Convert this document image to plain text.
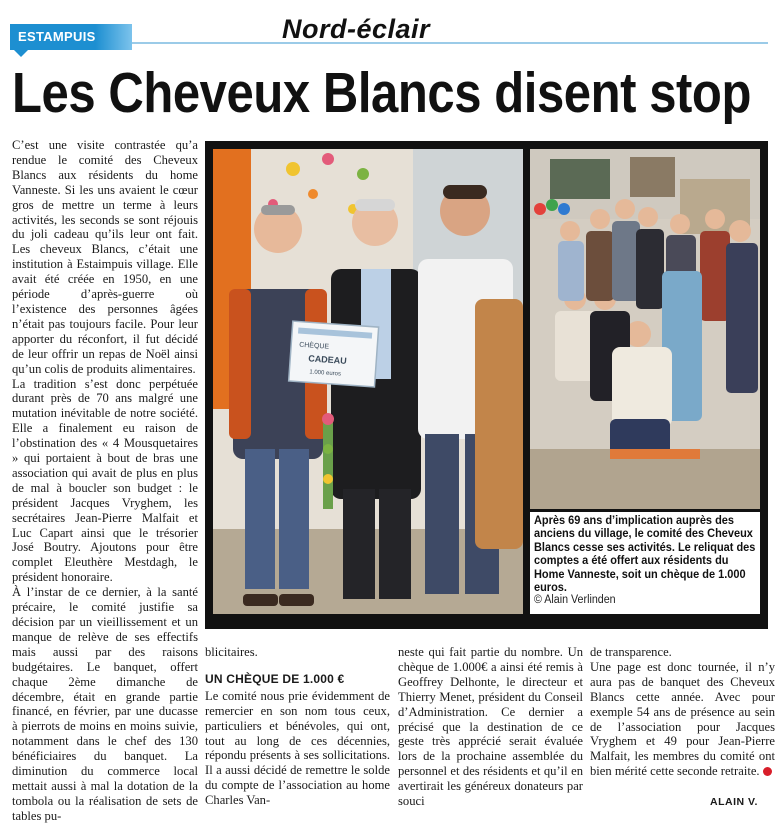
ESTAMPUIS	Nord-éclair
Les Cheveux Blancs disent stop

C’est une visite contrastée qu’a rendue le comité des Cheveux Blancs aux résidents du home Vanneste. Si les uns avaient le cœur gros de mettre un terme à leurs activités, les seconds se sont réjouis du joli cadeau qu’ils leur ont fait. Les cheveux Blancs, c’était une institution à Estaimpuis village. Elle avait été créée en 1950, en une période d’après-guerre où l’existence des personnes âgées n’était pas toujours facile. Pour leur apporter du réconfort, il fut décidé de leur offrir un repas de Noël ainsi qu’un colis de produits alimentaires.

La tradition s’est donc perpétuée durant près de 70 ans malgré une mutation inévitable de notre société. Elle a finalement eu raison de l’obstination des « 4 Mousquetaires » qui portaient à bout de bras une association qui avait de plus en plus de mal à boucler son budget : le président Jacques Vryghem, les secrétaires Jean-Pierre Malfait et Luc Capart ainsi que le trésorier José Boutry. Ajoutons pour être complet Eleuthère Mestdagh, le président honoraire.

À l’instar de ce dernier, à la santé précaire, le comité justifie sa décision par un vieillissement et un manque de relève de ses effectifs mais aussi par des raisons budgétaires. Le banquet, offert chaque 2ème dimanche de décembre, était en grande partie financé, en février, par une ducasse à pierrots de moins en moins suivie, notamment dans le chef des 130 bénéficiaires du banquet. La diminution du commerce local mettait aussi à mal la dotation de la tombola ou la réalisation de sets de tables pu-

CHÈQUE
CADEAU
1.000 euros
Après 69 ans d’implication auprès des anciens du village, le comité des Cheveux Blancs cesse ses activités. Le reliquat des comptes a été offert aux résidents du Home Vanneste, soit un chèque de 1.000 euros.
© Alain Verlinden

blicitaires.

UN CHÈQUE DE 1.000 €

Le comité nous prie évidemment de remercier en son nom tous ceux, particuliers et bénévoles, qui ont, tout au long de ces décennies, répondu présents à ses sollicitations. Il a aussi décidé de remettre le solde du compte de l’association au home Charles Van-

neste qui fait partie du nombre. Un chèque de 1.000€ a ainsi été remis à Geoffrey Delhonte, le directeur et Thierry Menet, président du Conseil d’Administration. Ce dernier a précisé que la destination de ce geste très apprécié serait évaluée lors de la prochaine assemblée du personnel et des résidents et qu’il en avertirait les généreux donateurs par souci

de transparence.

Une page est donc tournée, il n’y aura pas de banquet des Cheveux Blancs cette année. Avec pour exemple 54 ans de présence au sein de l’association pour Jacques Vryghem et 49 pour Jean-Pierre Malfait, les membres du comité ont bien mérité cette seconde retraite.

ALAIN V.
